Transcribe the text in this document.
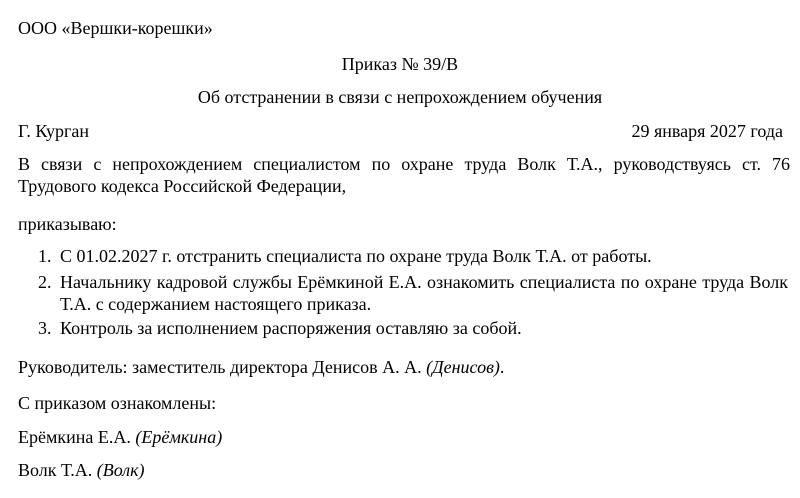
ООО «Вершки-корешки»
Приказ № 39/В
Об отстранении в связи с непрохождением обучения
Г. Курган	29 января 2027 года
В связи с непрохождением специалистом по охране труда Волк Т.А., руководствуясь ст. 76 Трудового кодекса Российской Федерации,
приказываю:
1. С 01.02.2027 г. отстранить специалиста по охране труда Волк Т.А. от работы.
2. Начальнику кадровой службы Ерёмкиной Е.А. ознакомить специалиста по охране труда Волк Т.А. с содержанием настоящего приказа.
3. Контроль за исполнением распоряжения оставляю за собой.
Руководитель: заместитель директора Денисов А. А. (Денисов).
С приказом ознакомлены:
Ерёмкина Е.А. (Ерёмкина)
Волк Т.А. (Волк)
